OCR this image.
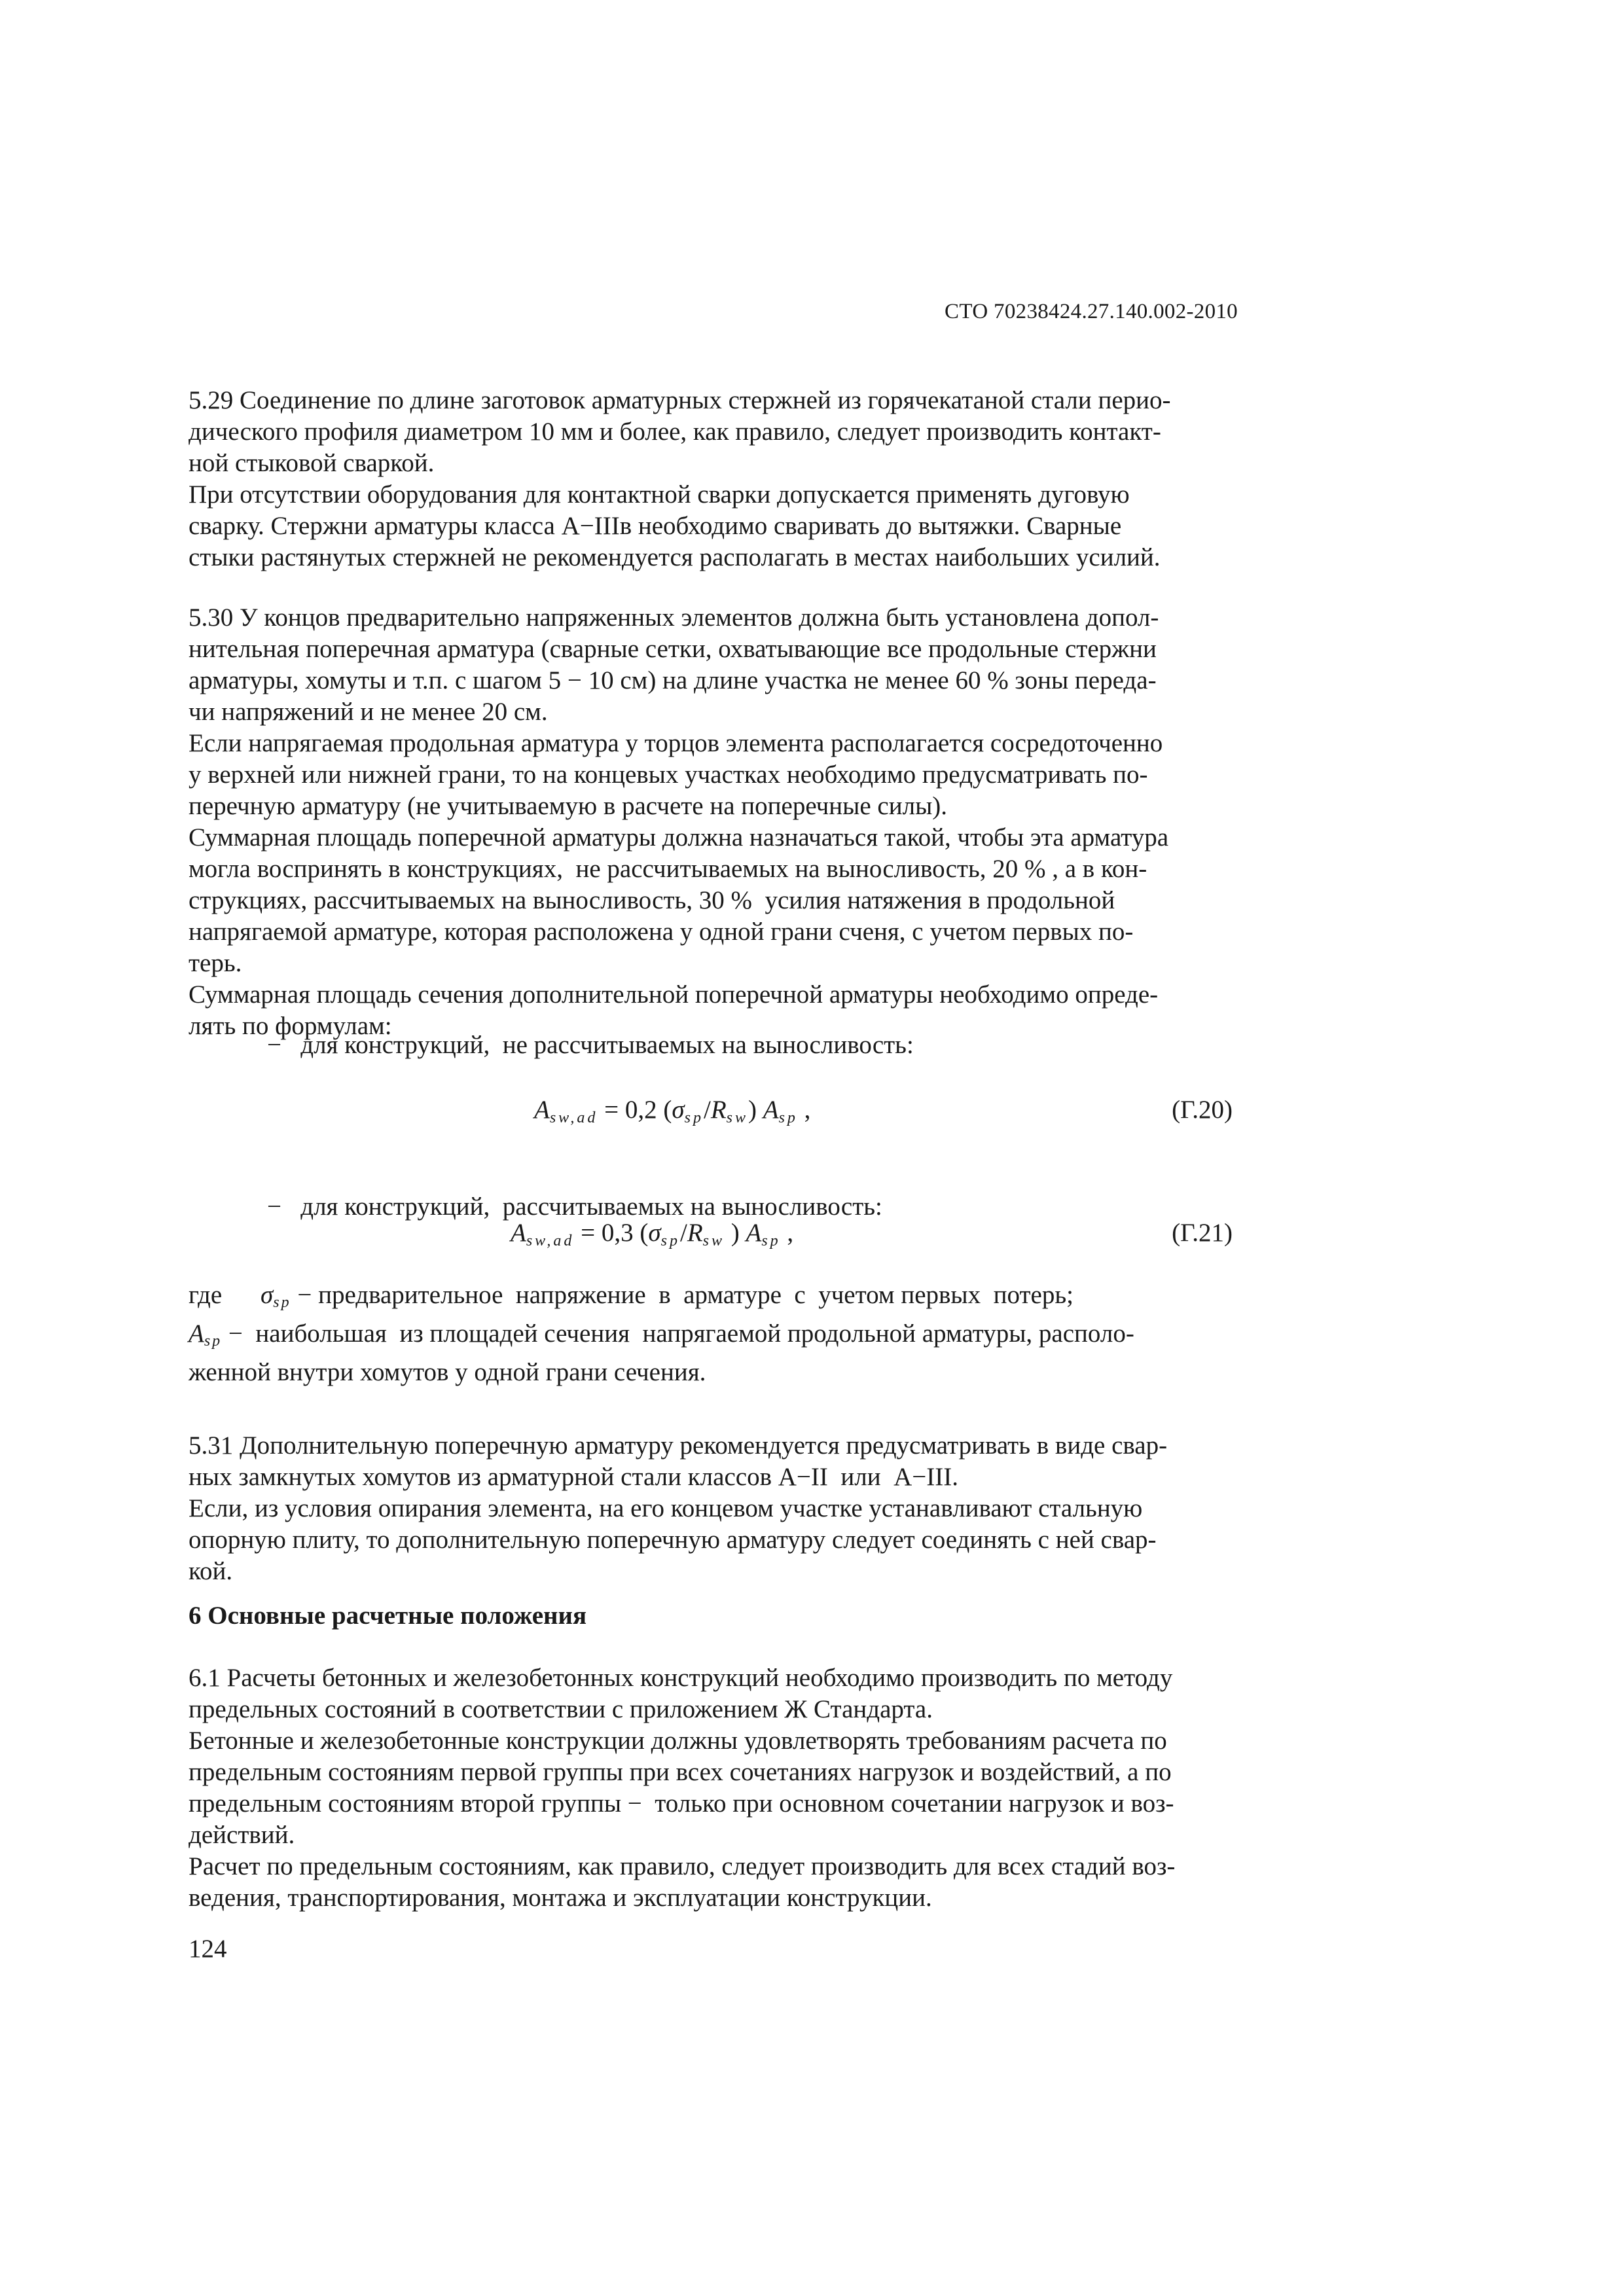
СТО 70238424.27.140.002-2010
5.29 Соединение по длине заготовок арматурных стержней из горячекатаной стали перио-
дического профиля диаметром 10 мм и более, как правило, следует производить контакт-
ной стыковой сваркой.
При отсутствии оборудования для контактной сварки допускается применять дуговую
сварку. Стержни арматуры класса А−IIIв необходимо сваривать до вытяжки. Сварные
стыки растянутых стержней не рекомендуется располагать в местах наибольших усилий.
5.30 У концов предварительно напряженных элементов должна быть установлена допол-
нительная поперечная арматура (сварные сетки, охватывающие все продольные стержни
арматуры, хомуты и т.п. с шагом 5 − 10 см) на длине участка не менее 60 % зоны переда-
чи напряжений и не менее 20 см.
Если напрягаемая продольная арматура у торцов элемента располагается сосредоточенно
у верхней или нижней грани, то на концевых участках необходимо предусматривать по-
перечную арматуру (не учитываемую в расчете на поперечные силы).
Суммарная площадь поперечной арматуры должна назначаться такой, чтобы эта арматура
могла воспринять в конструкциях,  не рассчитываемых на выносливость, 20 % , а в кон-
струкциях, рассчитываемых на выносливость, 30 %  усилия натяжения в продольной
напрягаемой арматуре, которая расположена у одной грани сченя, с учетом первых по-
терь.
Суммарная площадь сечения дополнительной поперечной арматуры необходимо опреде-
лять по формулам:
−   для конструкций,  не рассчитываемых на выносливость:
$A_{sw,ad} = 0,2$ $(\sigma_{sp}/R_{sw})$ $A_{sp}$ ,	(Г.20)
−   для конструкций,  рассчитываемых на выносливость:
$A_{sw,ad} = 0,3$ ($\sigma_{sp}/R_{sw}$ ) $A_{sp}$ ,	(Г.21)
где $\sigma_{sp}$ − предварительное  напряжение  в  арматуре  с  учетом первых  потерь;
$A_{sp}$ −  наибольшая  из площадей сечения  напрягаемой продольной арматуры, располо-
женной внутри хомутов у одной грани сечения.
5.31 Дополнительную поперечную арматуру рекомендуется предусматривать в виде свар-
ных замкнутых хомутов из арматурной стали классов А−II  или  А−III.
Если, из условия опирания элемента, на его концевом участке устанавливают стальную
опорную плиту, то дополнительную поперечную арматуру следует соединять с ней свар-
кой.
6 Основные расчетные положения
6.1 Расчеты бетонных и железобетонных конструкций необходимо производить по методу
предельных состояний в соответствии с приложением Ж Стандарта.
Бетонные и железобетонные конструкции должны удовлетворять требованиям расчета по
предельным состояниям первой группы при всех сочетаниях нагрузок и воздействий, а по
предельным состояниям второй группы −  только при основном сочетании нагрузок и воз-
действий.
Расчет по предельным состояниям, как правило, следует производить для всех стадий воз-
ведения, транспортирования, монтажа и эксплуатации конструкции.
124
